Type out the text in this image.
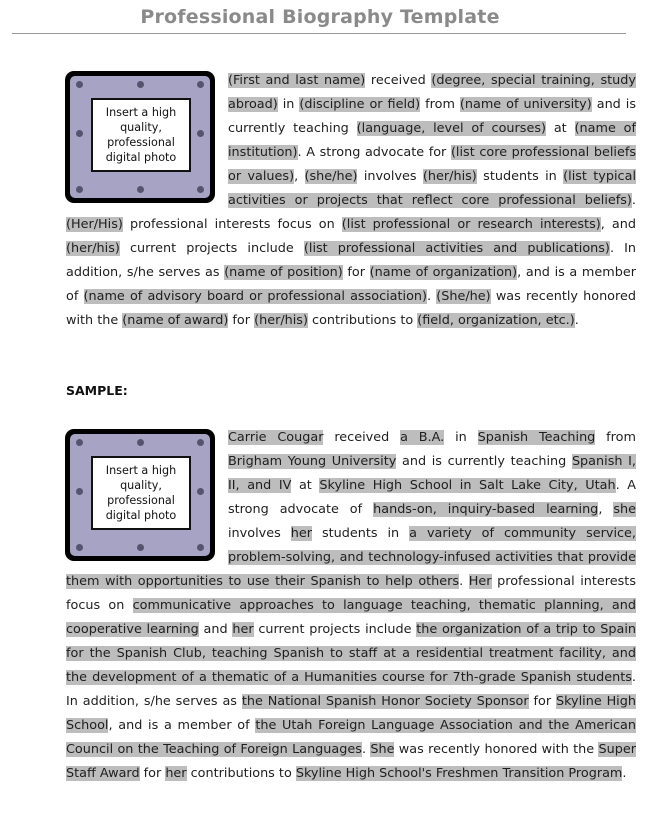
Professional Biography Template
Insert a high quality, professional digital photo
(First and last name) received (degree, special training, study abroad) in (discipline or field) from (name of university) and is currently teaching (language, level of courses) at (name of institution). A strong advocate for (list core professional beliefs or values), (she/he) involves (her/his) students in (list typical activities or projects that reflect core professional beliefs). (Her/His) professional interests focus on (list professional or research interests), and (her/his) current projects include (list professional activities and publications). In addition, s/he serves as (name of position) for (name of organization), and is a member of (name of advisory board or professional association). (She/he) was recently honored with the (name of award) for (her/his) contributions to (field, organization, etc.).
SAMPLE:
Insert a high quality, professional digital photo
Carrie Cougar received a B.A. in Spanish Teaching from Brigham Young University and is currently teaching Spanish I, II, and IV at Skyline High School in Salt Lake City, Utah. A strong advocate of hands-on, inquiry-based learning, she involves her students in a variety of community service, problem-solving, and technology-infused activities that provide them with opportunities to use their Spanish to help others. Her professional interests focus on communicative approaches to language teaching, thematic planning, and cooperative learning and her current projects include the organization of a trip to Spain for the Spanish Club, teaching Spanish to staff at a residential treatment facility, and the development of a thematic of a Humanities course for 7th-grade Spanish students. In addition, s/he serves as the National Spanish Honor Society Sponsor for Skyline High School, and is a member of the Utah Foreign Language Association and the American Council on the Teaching of Foreign Languages. She was recently honored with the Super Staff Award for her contributions to Skyline High School's Freshmen Transition Program.
